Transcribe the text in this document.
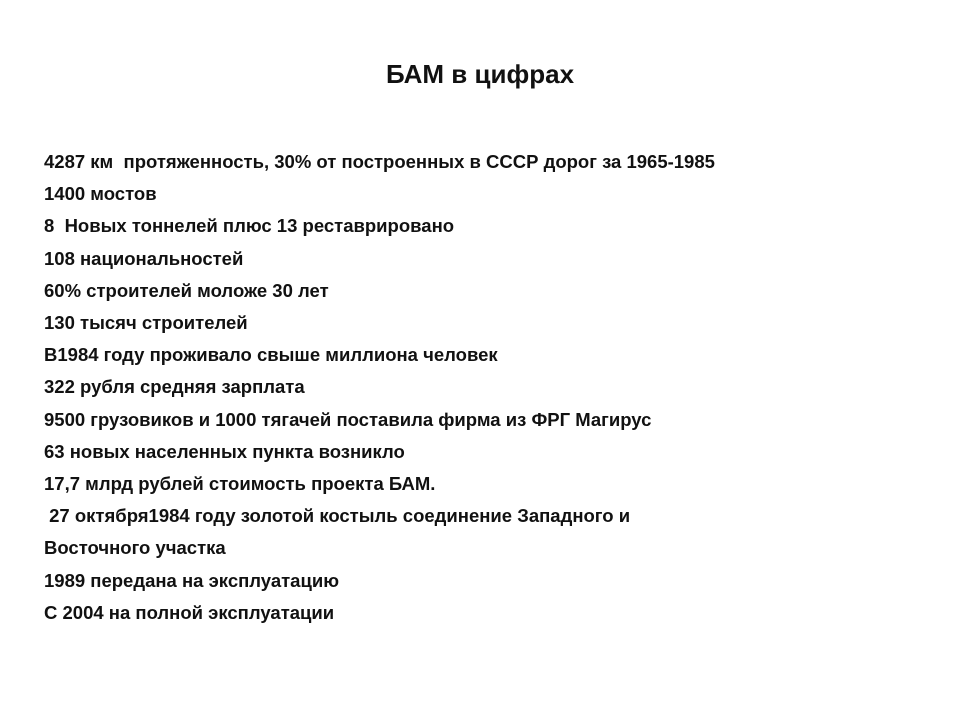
БАМ в цифрах
4287 км  протяженность, 30% от построенных в СССР дорог за 1965-1985
1400 мостов
8  Новых тоннелей плюс 13 реставрировано
108 национальностей
60% строителей моложе 30 лет
130 тысяч строителей
В1984 году проживало свыше миллиона человек
322 рубля средняя зарплата
9500 грузовиков и 1000 тягачей поставила фирма из ФРГ Магирус
63 новых населенных пункта возникло
17,7 млрд рублей стоимость проекта БАМ.
27 октября1984 году золотой костыль соединение Западного и
Восточного участка
1989 передана на эксплуатацию
С 2004 на полной эксплуатации
